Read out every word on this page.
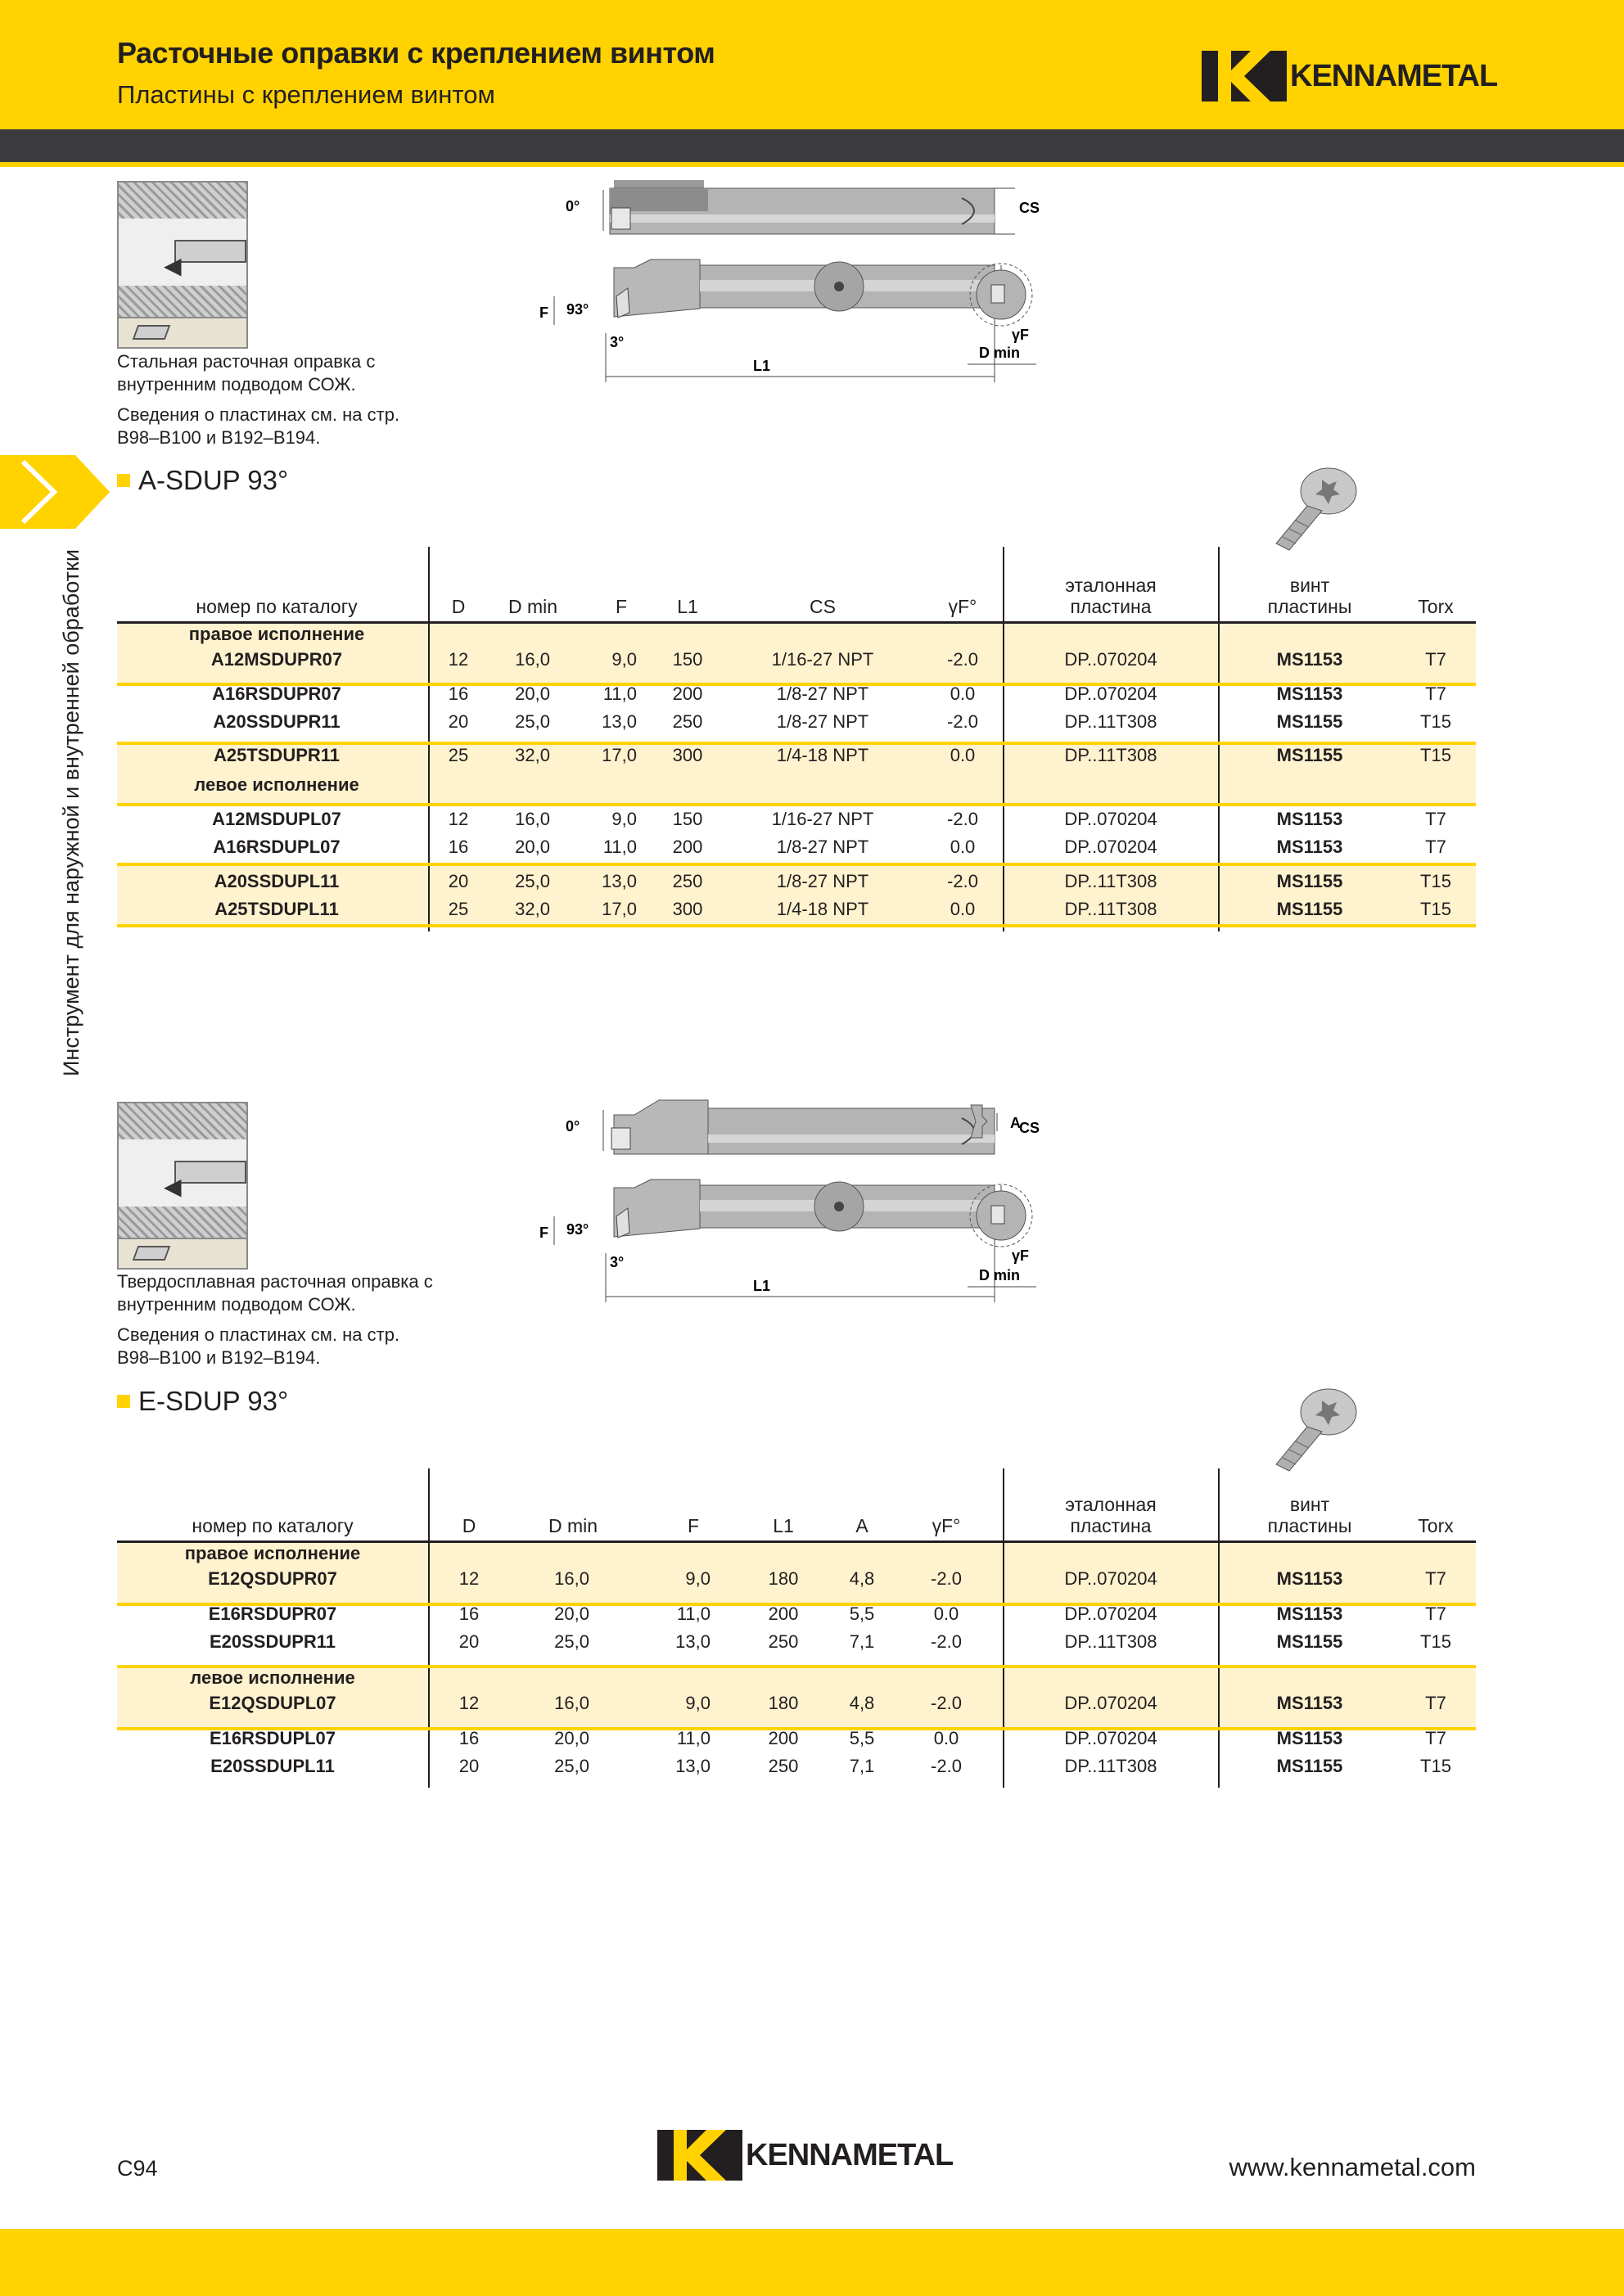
Расточные оправки с креплением винтом
Пластины с креплением винтом
KENNAMETAL
Инструмент для наружной и внутренней обработки
◀
Стальная расточная оправка с внутренним подводом СОЖ.
Сведения о пластинах см. на стр. B98–B100 и B192–B194.
CS
0°
93°
F
3°
L1
γF
D min
A-SDUP 93°
номер по каталогу	D D min	F	L1	CS	γF°
эталонная
пластина
винт
пластины	Torx
правое исполнение
левое исполнение
A12MSDUPR07	12	16,0	9,0 150	1/16-27 NPT	-2.0	DP..070204	MS1153	T7
A16RSDUPR07	16	20,0	11,0 200	1/8-27 NPT	0.0	DP..070204	MS1153	T7
A20SSDUPR11	20	25,0	13,0 250	1/8-27 NPT	-2.0	DP..11T308	MS1155	T15
A25TSDUPR11	25	32,0	17,0 300	1/4-18 NPT	0.0	DP..11T308	MS1155	T15
A12MSDUPL07	12	16,0	9,0 150	1/16-27 NPT	-2.0	DP..070204	MS1153	T7
A16RSDUPL07	16	20,0	11,0 200	1/8-27 NPT	0.0	DP..070204	MS1153	T7
A20SSDUPL11	20	25,0	13,0 250	1/8-27 NPT	-2.0	DP..11T308	MS1155	T15
A25TSDUPL11	25	32,0	17,0 300	1/4-18 NPT	0.0	DP..11T308	MS1155	T15
◀
Твердосплавная расточная оправка с внутренним подводом СОЖ.
Сведения о пластинах см. на стр. B98–B100 и B192–B194.
CS
0°
93°
F
3°
L1
A
γF
D min
E-SDUP 93°
номер по каталогу	D	D min	F	L1	A	γF°
эталонная
пластина
винт
пластины	Torx
правое исполнение
левое исполнение
E12QSDUPR07	12	16,0	9,0	180	4,8	-2.0	DP..070204	MS1153	T7
E16RSDUPR07	16	20,0	11,0	200	5,5	0.0	DP..070204	MS1153	T7
E20SSDUPR11	20	25,0	13,0	250	7,1	-2.0	DP..11T308	MS1155	T15
E12QSDUPL07	12	16,0	9,0	180	4,8	-2.0	DP..070204	MS1153	T7
E16RSDUPL07	16	20,0	11,0	200	5,5	0.0	DP..070204	MS1153	T7
E20SSDUPL11	20	25,0	13,0	250	7,1	-2.0	DP..11T308	MS1155	T15
C94	KENNAMETAL	www.kennametal.com
